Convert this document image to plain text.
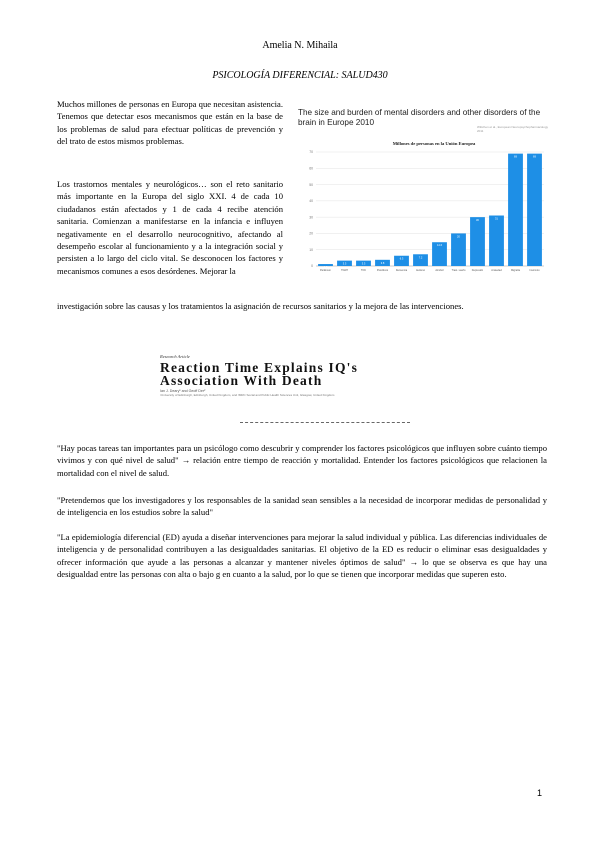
Amelia N. Mihaila
PSICOLOGÍA DIFERENCIAL: SALUD430

Muchos millones de personas en Europa que necesitan asistencia. Tenemos que detectar esos mecanismos que están en la base de los problemas de salud para efectuar políticas de prevención y del trato de estos mismos problemas.

Los trastornos mentales y neurológicos… son el reto sanitario más importante en la Europa del siglo XXI. 4 de cada 10 ciudadanos están afectados y 1 de cada 4 recibe atención sanitaria. Comienzan a manifestarse en la infancia e influyen negativamente en el desarrollo neurocognitivo, afectando al desempeño escolar al funcionamiento y a la integración social y persisten a lo largo del ciclo vital. Se desconocen los factores y mecanismos comunes a esos desórdenes. Mejorar la

investigación sobre las causas y los tratamientos la asignación de recursos sanitarios y la mejora de las intervenciones.

The size and burden of mental disorders and other disorders of the brain in Europe 2010	Wittchen et al., European Neuropsychopharmacology 2011
Millones de personas en la Unión Europea
0
10
20
30
40
50
60
70
1.2
Parkinson
3.3
TDAH
3.3
TOC
3.8
Psicóticos
6.3
Demencia
7.2
Autismo
14.6
Alcohol
20
Trast. sueño
30
Depresión
31
Ansiedad
69
Migraña
69
Insomnio
Research Article
Reaction Time Explains IQ's
Association With Death
Ian J. Deary¹ and Geoff Der²
¹University of Edinburgh, Edinburgh, United Kingdom, and ²MRC Social and Public Health Sciences Unit, Glasgow, United Kingdom

"Hay pocas tareas tan importantes para un psicólogo como descubrir y comprender los factores psicológicos que influyen sobre cuánto tiempo vivimos y con qué nivel de salud" → relación entre tiempo de reacción y mortalidad. Entender los factores psicológicos que relacionen la mortalidad con el nivel de salud.

"Pretendemos que los investigadores y los responsables de la sanidad sean sensibles a la necesidad de incorporar medidas de personalidad y de inteligencia en los estudios sobre la salud"

"La epidemiología diferencial (ED) ayuda a diseñar intervenciones para mejorar la salud individual y pública. Las diferencias individuales de inteligencia y de personalidad contribuyen a las desigualdades sanitarias. El objetivo de la ED es reducir o eliminar esas desigualdades y ofrecer información que ayude a las personas a alcanzar y mantener niveles óptimos de salud" → lo que se observa es que hay una desigualdad entre las personas con alta o bajo g en cuanto a la salud, por lo que se tienen que incorporar medidas que superen esto.

1
